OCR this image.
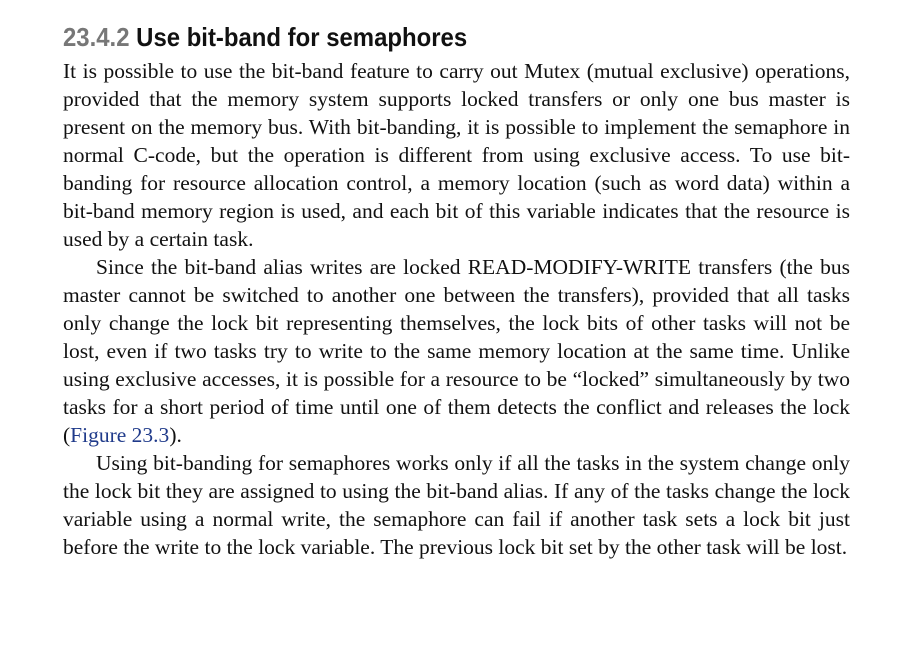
23.4.2 Use bit-band for semaphores

It is possible to use the bit-band feature to carry out Mutex (mutual exclusive) operations, provided that the memory system supports locked transfers or only one bus master is present on the memory bus. With bit-banding, it is possible to implement the semaphore in normal C-code, but the operation is different from using exclusive access. To use bit-banding for resource allocation control, a memory location (such as word data) within a bit-band memory region is used, and each bit of this variable indicates that the resource is used by a certain task.

Since the bit-band alias writes are locked READ-MODIFY-WRITE transfers (the bus master cannot be switched to another one between the transfers), provided that all tasks only change the lock bit representing themselves, the lock bits of other tasks will not be lost, even if two tasks try to write to the same memory location at the same time. Unlike using exclusive accesses, it is possible for a resource to be “locked” simultaneously by two tasks for a short period of time until one of them detects the conflict and releases the lock (Figure 23.3).

Using bit-banding for semaphores works only if all the tasks in the system change only the lock bit they are assigned to using the bit-band alias. If any of the tasks change the lock variable using a normal write, the semaphore can fail if another task sets a lock bit just before the write to the lock variable. The previous lock bit set by the other task will be lost.
